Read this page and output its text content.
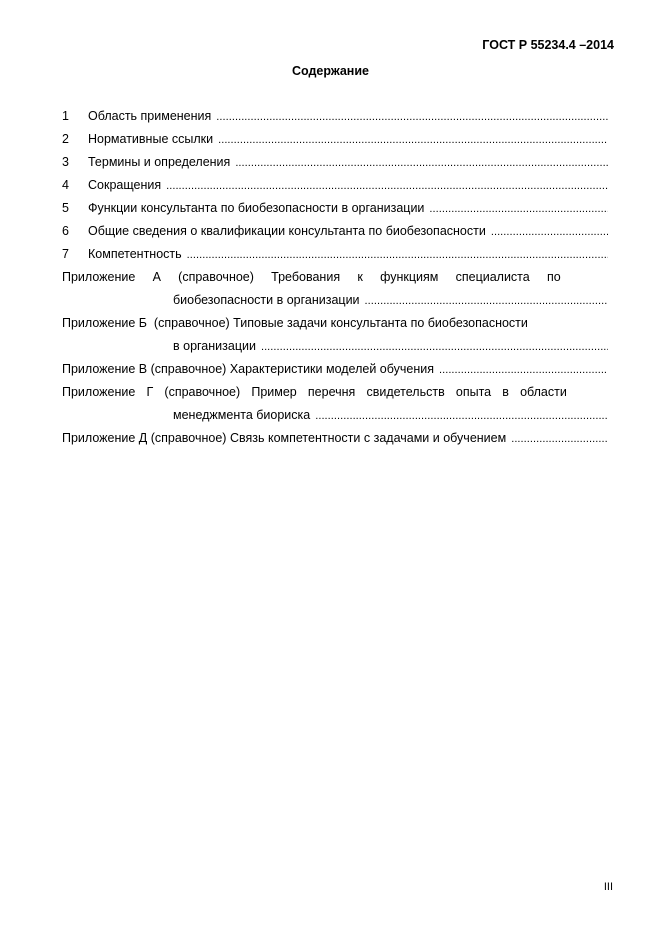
ГОСТ Р 55234.4 –2014
Содержание
1	Область применения
. . .
2	Нормативные ссылки
. . .
3	Термины и определения
. . .
4	Сокращения
. . .
5	Функции консультанта по биобезопасности в организации
. . .
6	Общие сведения о квалификации консультанта по биобезопасности
. . .
7	Компетентность
. . .
Приложение А (справочное) Требования к функциям специалиста по
биобезопасности в организации
. . .
Приложение Б  (справочное) Типовые задачи консультанта по биобезопасности
в организации
. . .
Приложение В (справочное) Характеристики моделей обучения
. . .
Приложение Г (справочное) Пример перечня свидетельств опыта в области
менеджмента биориска
. . .
Приложение Д (справочное) Связь компетентности с задачами и обучением
. . .
III
